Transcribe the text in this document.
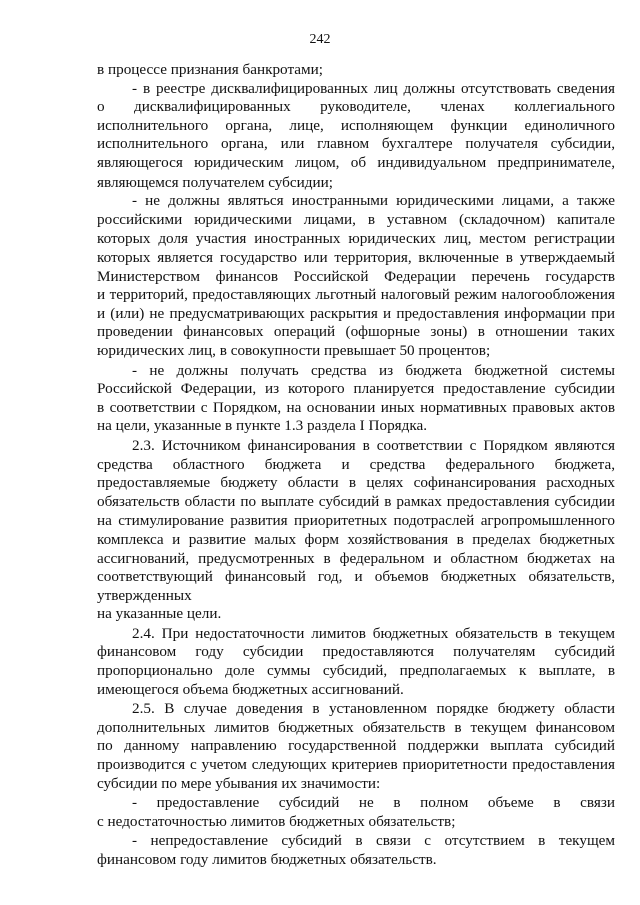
242
в процессе признания банкротами;
- в реестре дисквалифицированных лиц должны отсутствовать сведения
о дисквалифицированных руководителе, членах коллегиального
исполнительного органа, лице, исполняющем функции единоличного
исполнительного органа, или главном бухгалтере получателя субсидии,
являющегося юридическим лицом, об индивидуальном предпринимателе,
являющемся получателем субсидии;
- не должны являться иностранными юридическими лицами, а также
российскими юридическими лицами, в уставном (складочном) капитале
которых доля участия иностранных юридических лиц, местом регистрации
которых является государство или территория, включенные в утверждаемый
Министерством финансов Российской Федерации перечень государств
и территорий, предоставляющих льготный налоговый режим налогообложения
и (или) не предусматривающих раскрытия и предоставления информации при
проведении финансовых операций (офшорные зоны) в отношении таких
юридических лиц, в совокупности превышает 50 процентов;
- не должны получать средства из бюджета бюджетной системы
Российской Федерации, из которого планируется предоставление субсидии
в соответствии с Порядком, на основании иных нормативных правовых актов
на цели, указанные в пункте 1.3 раздела I Порядка.
2.3. Источником финансирования в соответствии с Порядком являются
средства областного бюджета и средства федерального бюджета,
предоставляемые бюджету области в целях софинансирования расходных
обязательств области по выплате субсидий в рамках предоставления субсидии
на стимулирование развития приоритетных подотраслей агропромышленного
комплекса и развитие малых форм хозяйствования в пределах бюджетных
ассигнований, предусмотренных в федеральном и областном бюджетах на
соответствующий финансовый год, и объемов бюджетных обязательств,
утвержденных
на указанные цели.
2.4. При недостаточности лимитов бюджетных обязательств в текущем
финансовом году субсидии предоставляются получателям субсидий
пропорционально доле суммы субсидий, предполагаемых к выплате, в
имеющегося объема бюджетных ассигнований.
2.5. В случае доведения в установленном порядке бюджету области
дополнительных лимитов бюджетных обязательств в текущем финансовом
по данному направлению государственной поддержки выплата субсидий
производится с учетом следующих критериев приоритетности предоставления
субсидии по мере убывания их значимости:
- предоставление субсидий не в полном объеме в связи
с недостаточностью лимитов бюджетных обязательств;
- непредоставление субсидий в связи с отсутствием в текущем
финансовом году лимитов бюджетных обязательств.
